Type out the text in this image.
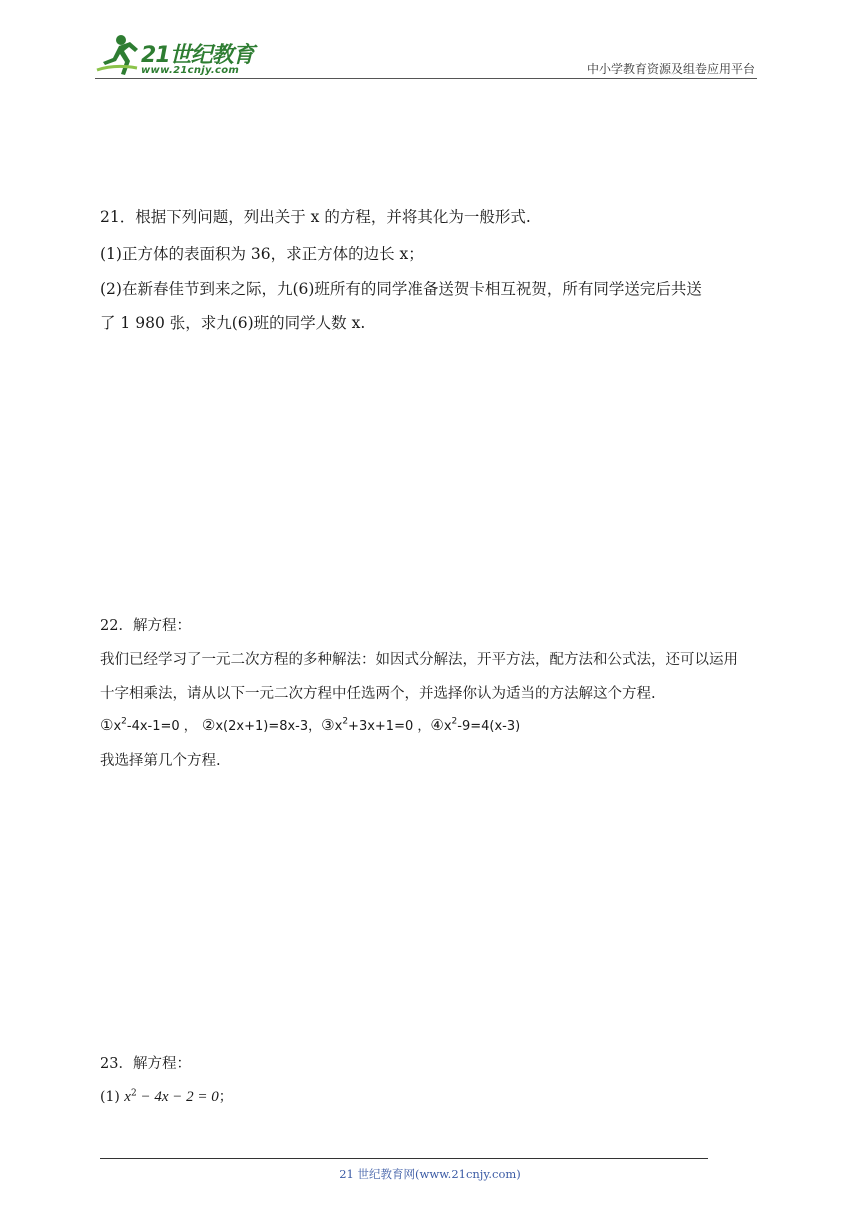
21世纪教育
www.21cnjy.com	中小学教育资源及组卷应用平台
21．根据下列问题，列出关于 x 的方程，并将其化为一般形式.
(1)正方体的表面积为 36，求正方体的边长 x；
(2)在新春佳节到来之际，九(6)班所有的同学准备送贺卡相互祝贺，所有同学送完后共送
了 1 980 张，求九(6)班的同学人数 x.
22．解方程：
我们已经学习了一元二次方程的多种解法：如因式分解法，开平方法，配方法和公式法，还可以运用
十字相乘法，请从以下一元二次方程中任选两个，并选择你认为适当的方法解这个方程.
$①x^2-4x-1=0$ ， ②x(2x+1)=8x-3，$③x^2+3x+1=0$ ，$④x^2-9=4(x-3)$
我选择第几个方程.
23．解方程：
(1) $x^2 - 4x - 2 = 0$；
21 世纪教育网(www.21cnjy.com)
